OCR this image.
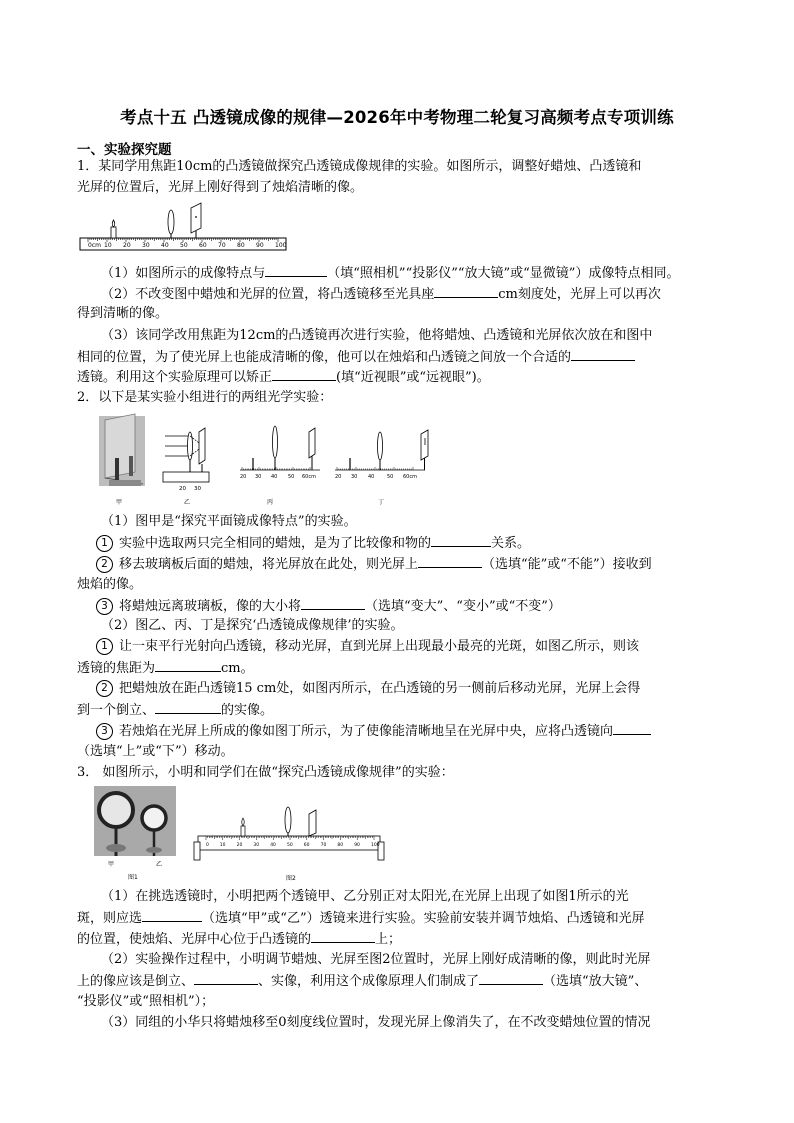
考点十五 凸透镜成像的规律—2026年中考物理二轮复习高频考点专项训练
一、实验探究题
1．某同学用焦距10cm的凸透镜做探究凸透镜成像规律的实验。如图所示，调整好蜡烛、凸透镜和
光屏的位置后，光屏上刚好得到了烛焰清晰的像。
0cm 10 20 30 40 50 60 70 80 90 100
（1）如图所示的成像特点与	（填“照相机”“投影仪”“放大镜”或“显微镜”）成像特点相同。
（2）不改变图中蜡烛和光屏的位置，将凸透镜移至光具座	cm刻度处，光屏上可以再次
得到清晰的像。
（3）该同学改用焦距为12cm的凸透镜再次进行实验，他将蜡烛、凸透镜和光屏依次放在和图中
相同的位置，为了使光屏上也能成清晰的像，他可以在烛焰和凸透镜之间放一个合适的
透镜。利用这个实验原理可以矫正	(填“近视眼”或“远视眼”)。
2．以下是某实验小组进行的两组光学实验：
20 30
20 30 40 50 60cm	20 30 40	50 60cm
甲	乙	丙	丁
（1）图甲是“探究平面镜成像特点”的实验。
1 实验中选取两只完全相同的蜡烛，是为了比较像和物的	关系。
2 移去玻璃板后面的蜡烛，将光屏放在此处，则光屏上	（选填“能”或“不能”）接收到
烛焰的像。
3 将蜡烛远离玻璃板，像的大小将	（选填“变大”、“变小”或“不变”）
（2）图乙、丙、丁是探究‘凸透镜成像规律’的实验。
1 让一束平行光射向凸透镜，移动光屏，直到光屏上出现最小最亮的光斑，如图乙所示，则该
透镜的焦距为	cm。
2 把蜡烛放在距凸透镜15 cm处，如图丙所示，在凸透镜的另一侧前后移动光屏，光屏上会得
到一个倒立、	的实像。
3 若烛焰在光屏上所成的像如图丁所示，为了使像能清晰地呈在光屏中央，应将凸透镜向
（选填“上”或“下”）移动。
3． 如图所示，小明和同学们在做“探究凸透镜成像规律”的实验：
甲	乙
图1
0 10 20 30 40 50 60 70 80 90 100
图2
（1）在挑选透镜时，小明把两个透镜甲、乙分别正对太阳光,在光屏上出现了如图1所示的光
斑，则应选	（选填“甲”或“乙”）透镜来进行实验。实验前安装并调节烛焰、凸透镜和光屏
的位置，使烛焰、光屏中心位于凸透镜的	上；
（2）实验操作过程中，小明调节蜡烛、光屏至图2位置时，光屏上刚好成清晰的像，则此时光屏
上的像应该是倒立、	、实像，利用这个成像原理人们制成了	（选填“放大镜”、
“投影仪”或“照相机”）；
（3）同组的小华只将蜡烛移至0刻度线位置时，发现光屏上像消失了，在不改变蜡烛位置的情况
